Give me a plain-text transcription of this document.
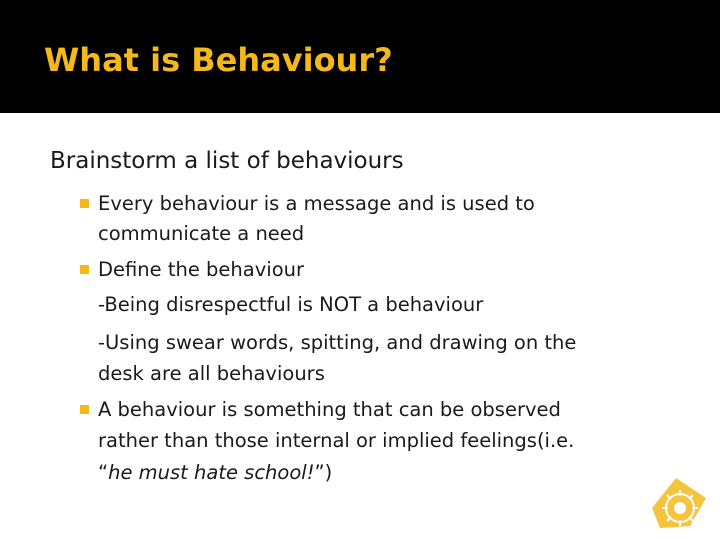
What is Behaviour?
Brainstorm a list of behaviours
Every behaviour is a message and is used to
communicate a need
Define the behaviour
-Being disrespectful is NOT a behaviour
-Using swear words, spitting, and drawing on the
desk are all behaviours
A behaviour is something that can be observed
rather than those internal or implied feelings(i.e.
“he must hate school!”)
